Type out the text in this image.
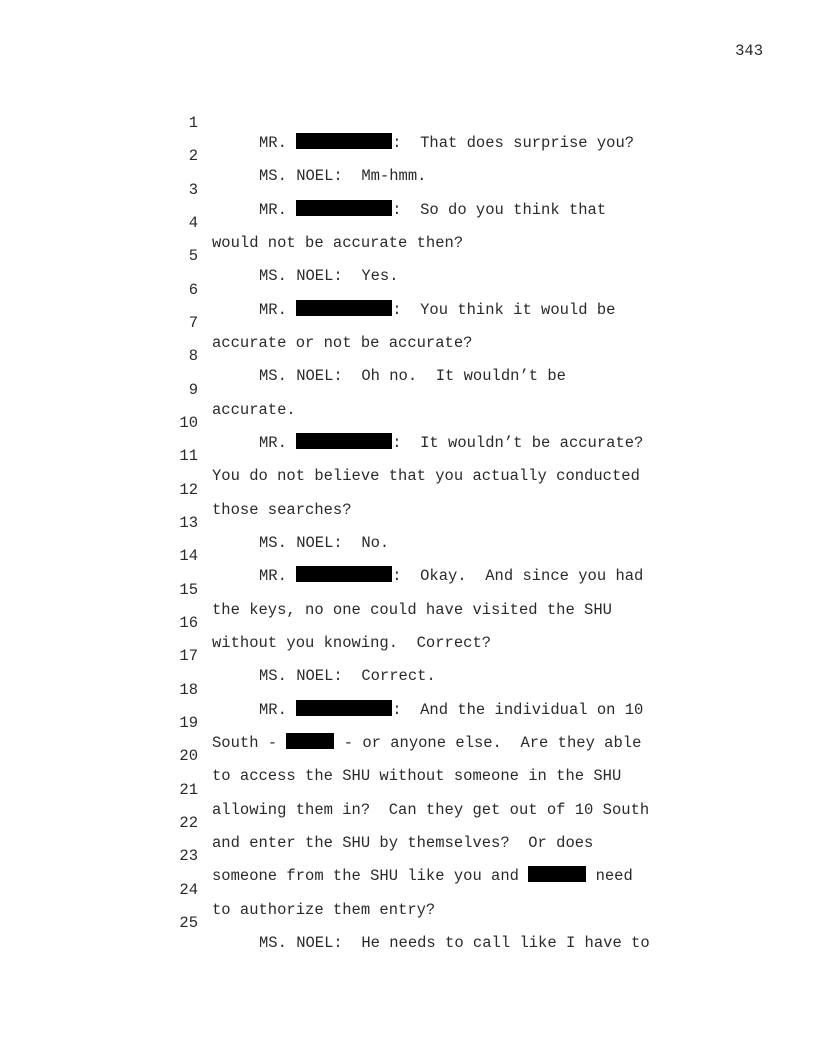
343

1

MR.	:  That does surprise you?

2

MS. NOEL:  Mm-hmm.

3

MR.	:  So do you think that

4

would not be accurate then?

5

MS. NOEL:  Yes.

6

MR.	:  You think it would be

7

accurate or not be accurate?

8

MS. NOEL:  Oh no.  It wouldn’t be

9

accurate.

10

MR.	:  It wouldn’t be accurate?

11

You do not believe that you actually conducted

12

those searches?

13

MS. NOEL:  No.

14

MR.	:  Okay.  And since you had

15

the keys, no one could have visited the SHU

16

without you knowing.  Correct?

17

MS. NOEL:  Correct.

18

MR.	:  And the individual on 10

19

South -	- or anyone else.  Are they able

20

to access the SHU without someone in the SHU

21

allowing them in?  Can they get out of 10 South

22

and enter the SHU by themselves?  Or does

23

someone from the SHU like you and	need

24

to authorize them entry?

25

MS. NOEL:  He needs to call like I have to
